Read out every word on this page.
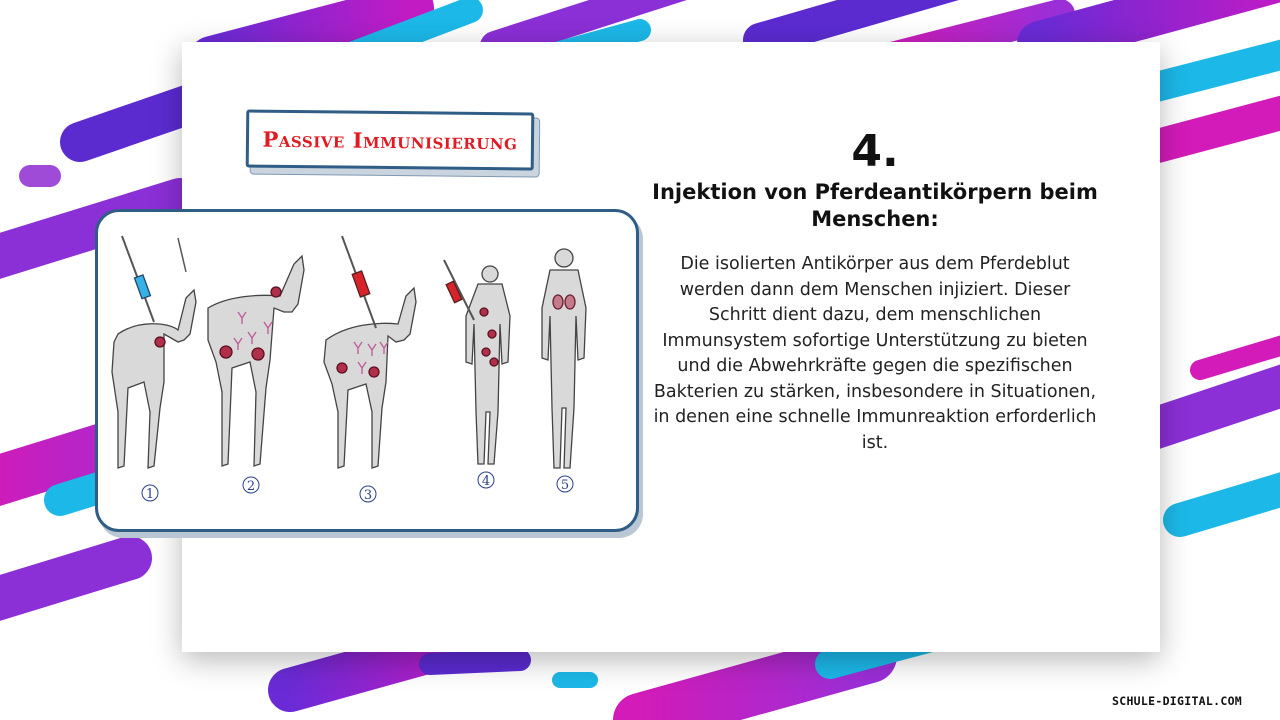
Passive Immunisierung
1
2
3
4	5
4.
Injektion von Pferdeantikörpern beim Menschen:
Die isolierten Antikörper aus dem Pferdeblut werden dann dem Menschen injiziert. Dieser Schritt dient dazu, dem menschlichen Immunsystem sofortige Unterstützung zu bieten und die Abwehrkräfte gegen die spezifischen Bakterien zu stärken, insbesondere in Situationen, in denen eine schnelle Immunreaktion erforderlich ist.
SCHULE-DIGITAL.COM
